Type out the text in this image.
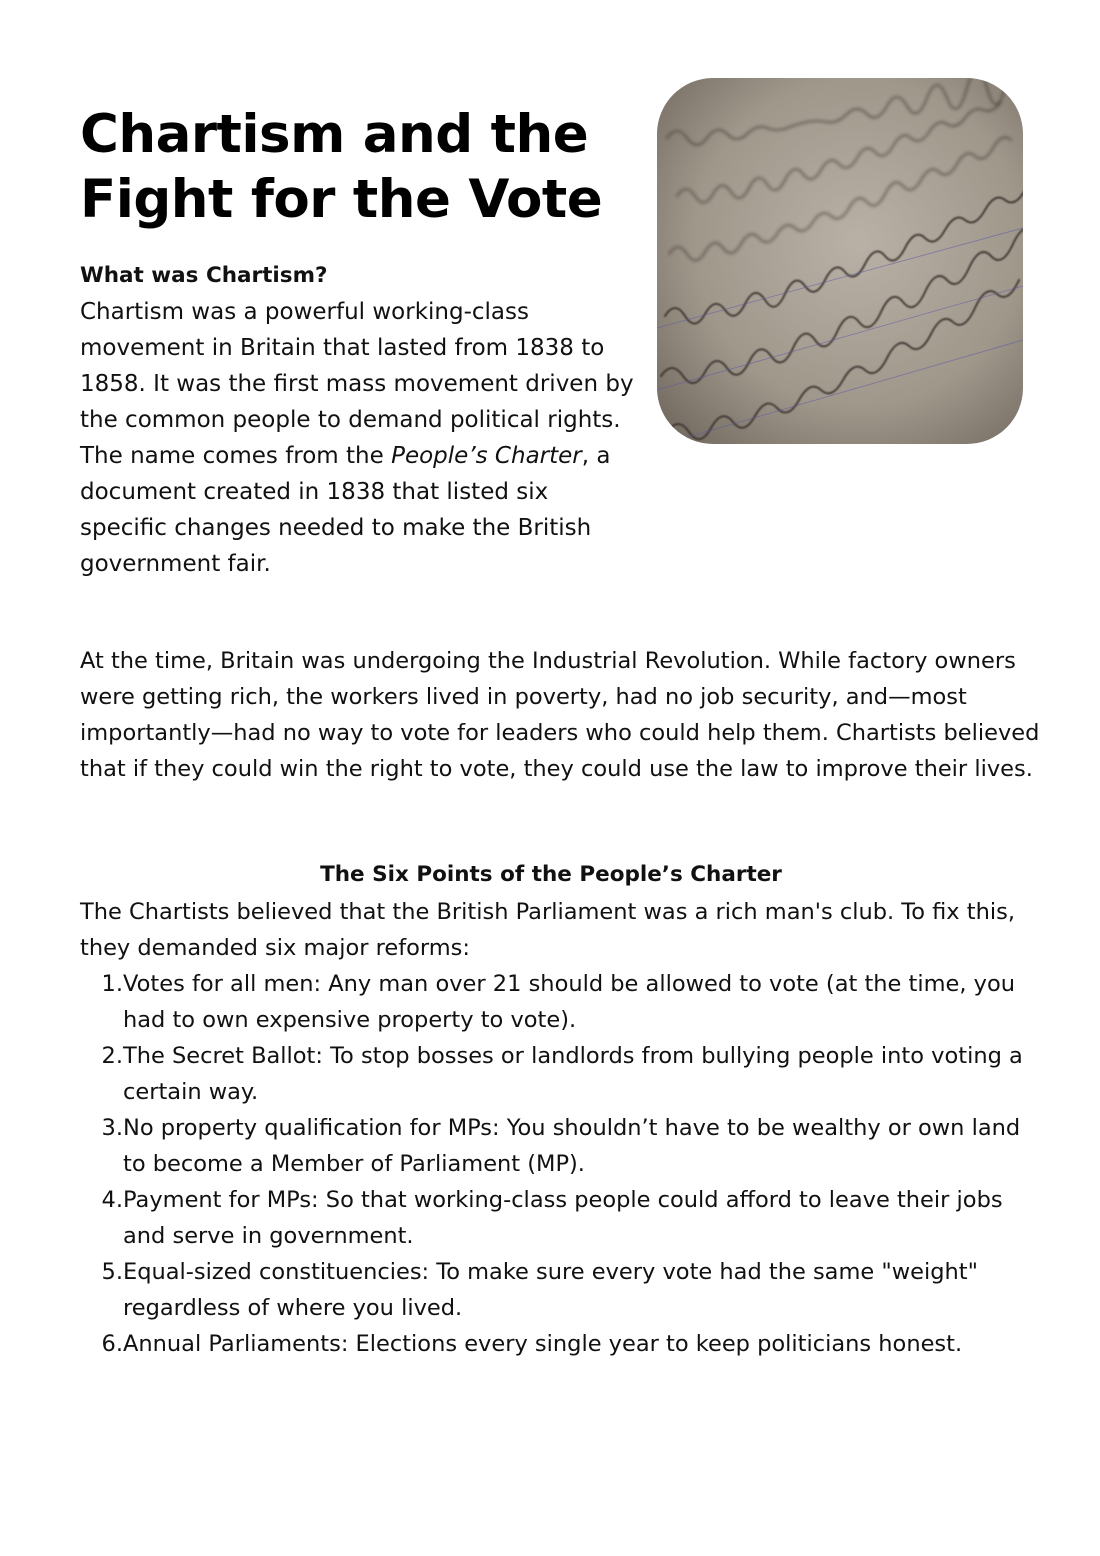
Chartism and the Fight for the Vote

What was Chartism?

Chartism was a powerful working-class movement in Britain that lasted from 1838 to 1858. It was the first mass movement driven by the common people to demand political rights. The name comes from the People’s Charter, a document created in 1838 that listed six specific changes needed to make the British government fair.

At the time, Britain was undergoing the Industrial Revolution. While factory owners were getting rich, the workers lived in poverty, had no job security, and—most importantly—had no way to vote for leaders who could help them. Chartists believed that if they could win the right to vote, they could use the law to improve their lives.

The Six Points of the People’s Charter

The Chartists believed that the British Parliament was a rich man's club. To fix this, they demanded six major reforms:

1. Votes for all men: Any man over 21 should be allowed to vote (at the time, you had to own expensive property to vote).
2. The Secret Ballot: To stop bosses or landlords from bullying people into voting a certain way.
3. No property qualification for MPs: You shouldn’t have to be wealthy or own land to become a Member of Parliament (MP).
4. Payment for MPs: So that working-class people could afford to leave their jobs and serve in government.
5. Equal-sized constituencies: To make sure every vote had the same "weight" regardless of where you lived.
6. Annual Parliaments: Elections every single year to keep politicians honest.
